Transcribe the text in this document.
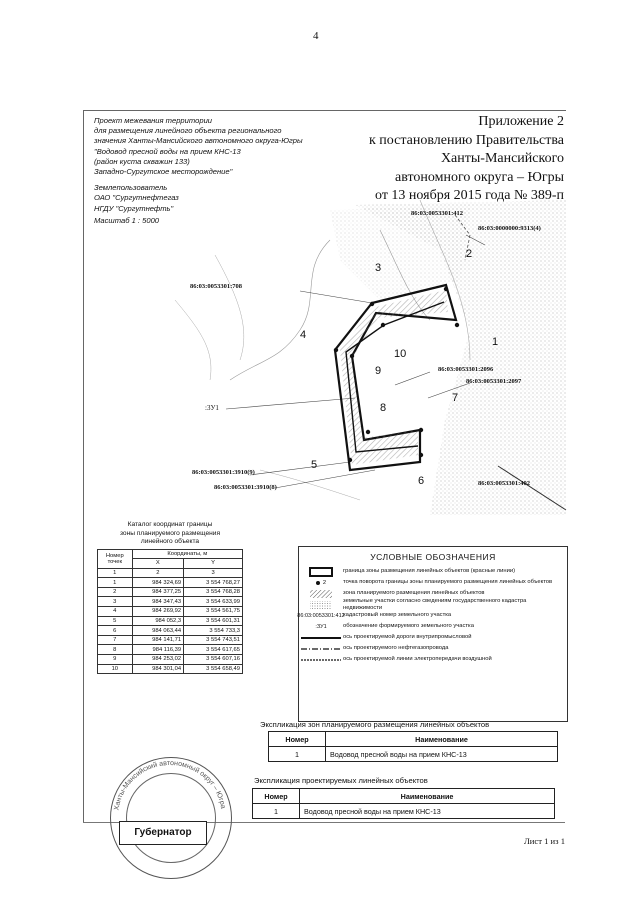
4
1
2
3
4
5
6
7
8
9
10
86:03:0053301:412
86:03:0000000:9313(4)
86:03:0053301:708
86:03:0053301:2096
86:03:0053301:2097
86:03:0053301:3910(9)
86:03:0053301:3910(8)
86:03:0053301:402
:3У1
Проект межевания территории
для размещения линейного объекта регионального
значения Ханты-Мансийского автономного округа-Югры
"Водовод пресной воды на прием КНС-13
(район куста скважин 133)
Западно-Сургутское месторождение"
Землепользователь
ОАО "Сургутнефтегаз
НГДУ "Сургутнефть"
Масштаб 1 : 5000
Приложение 2
к постановлению Правительства
Ханты-Мансийского
автономного округа – Югры
от 13 ноября 2015 года № 389-п
Каталог координат границы
зоны планируемого размещения
линейного объекта
Номер
точек	Координаты, м	
	X	Y
1	2	3
1	984 324,69	3 554 768,27
2	984 377,25	3 554 768,28
3	984 347,43	3 554 633,99
4	984 269,92	3 554 561,75
5	984 052,3	3 554 601,31
6	984 063,44	3 554 733,3
7	984 141,71	3 554 743,51
8	984 116,39	3 554 617,65
9	984 253,02	3 554 607,16
10	984 301,04	3 554 658,49
УСЛОВНЫЕ ОБОЗНАЧЕНИЯ
граница зоны размещения линейных объектов (красные линии)
2	точка поворота границы зоны планируемого размещения линейных объектов
зона планируемого размещения линейных объектов
земельные участки согласно сведениям государственного кадастра недвижимости
86:03:0053301:412
кадастровый номер земельного участка
:ЗУ1	обозначение формируемого земельного участка
ось проектируемой дороги внутрипромысловой
ось проектируемого нефтегазопровода
ось проектируемой линии электропередачи воздушной
Экспликация зон планируемого размещения линейных объектов
Номер	Наименование
1	Водовод пресной воды на прием КНС-13
Экспликация проектируемых линейных объектов
Номер	Наименование
1	Водовод пресной воды на прием КНС-13
Ханты-Мансийский автономный округ – Югра
Губернатор
Лист 1 из 1
